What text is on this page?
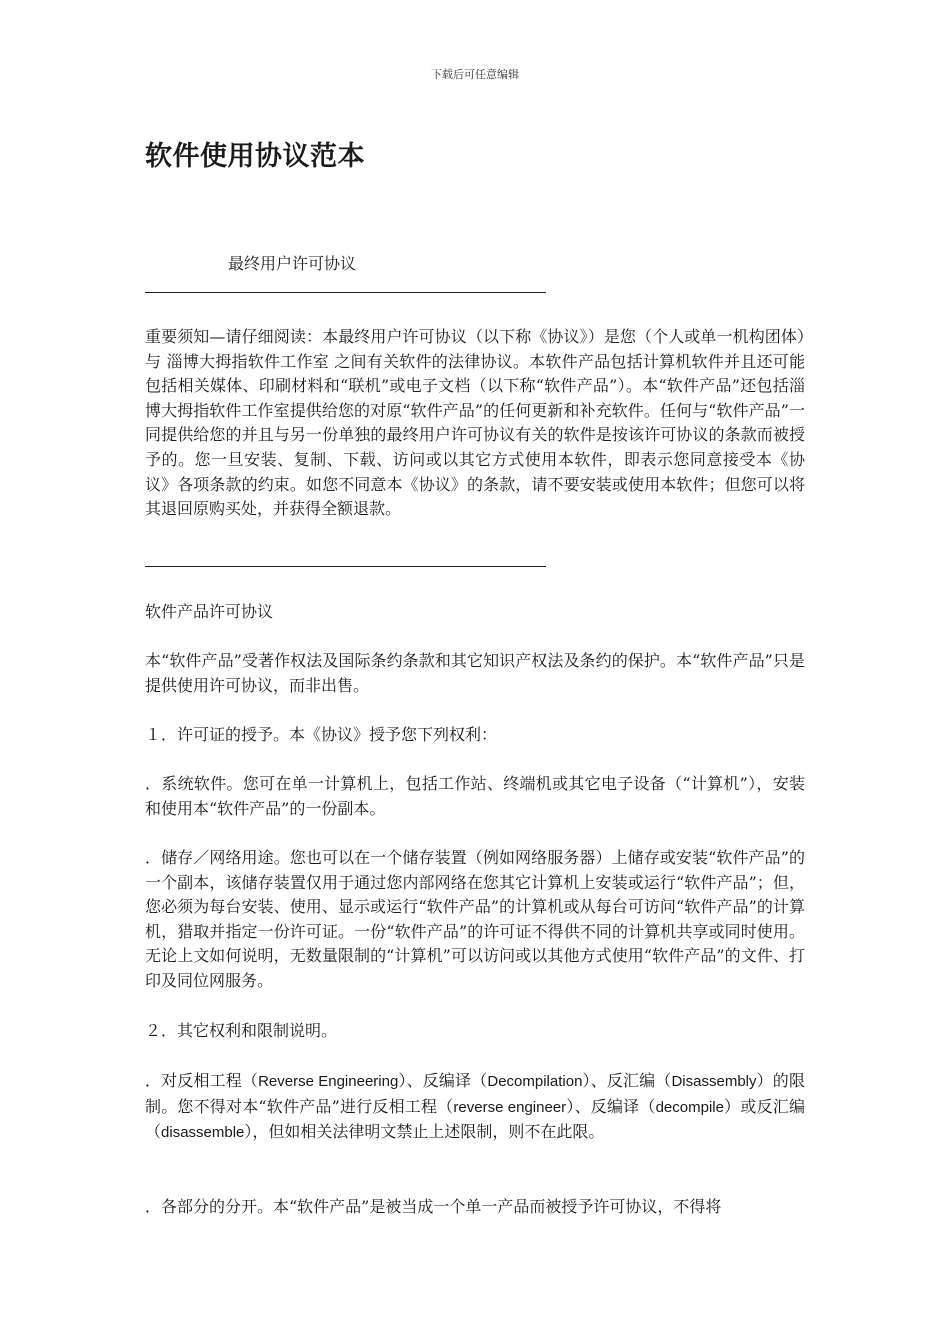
下载后可任意编辑
软件使用协议范本
最终用户许可协议

重要须知—请仔细阅读：本最终用户许可协议（以下称《协议》）是您（个人或单一机构团体）与 淄博大拇指软件工作室 之间有关软件的法律协议。本软件产品包括计算机软件并且还可能包括相关媒体、印刷材料和“联机”或电子文档（以下称“软件产品”）。本“软件产品”还包括淄博大拇指软件工作室提供给您的对原“软件产品”的任何更新和补充软件。任何与“软件产品”一同提供给您的并且与另一份单独的最终用户许可协议有关的软件是按该许可协议的条款而被授予的。您一旦安装、复制、下载、访问或以其它方式使用本软件，即表示您同意接受本《协议》各项条款的约束。如您不同意本《协议》的条款，请不要安装或使用本软件；但您可以将其退回原购买处，并获得全额退款。

软件产品许可协议

本“软件产品”受著作权法及国际条约条款和其它知识产权法及条约的保护。本“软件产品”只是提供使用许可协议，而非出售。

１．许可证的授予。本《协议》授予您下列权利：

．系统软件。您可在单一计算机上，包括工作站、终端机或其它电子设备（“计算机”），安装和使用本“软件产品”的一份副本。

．储存／网络用途。您也可以在一个储存装置（例如网络服务器）上储存或安装“软件产品”的一个副本，该储存装置仅用于通过您内部网络在您其它计算机上安装或运行“软件产品”；但，您必须为每台安装、使用、显示或运行“软件产品”的计算机或从每台可访问“软件产品”的计算机，猎取并指定一份许可证。一份“软件产品”的许可证不得供不同的计算机共享或同时使用。无论上文如何说明，无数量限制的“计算机”可以访问或以其他方式使用“软件产品”的文件、打印及同位网服务。

２．其它权利和限制说明。

．对反相工程（Reverse Engineering）、反编译（Decompilation）、反汇编（Disassembly）的限制。您不得对本“软件产品”进行反相工程（reverse engineer）、反编译（decompile）或反汇编（disassemble），但如相关法律明文禁止上述限制，则不在此限。

．各部分的分开。本“软件产品”是被当成一个单一产品而被授予许可协议，不得将
